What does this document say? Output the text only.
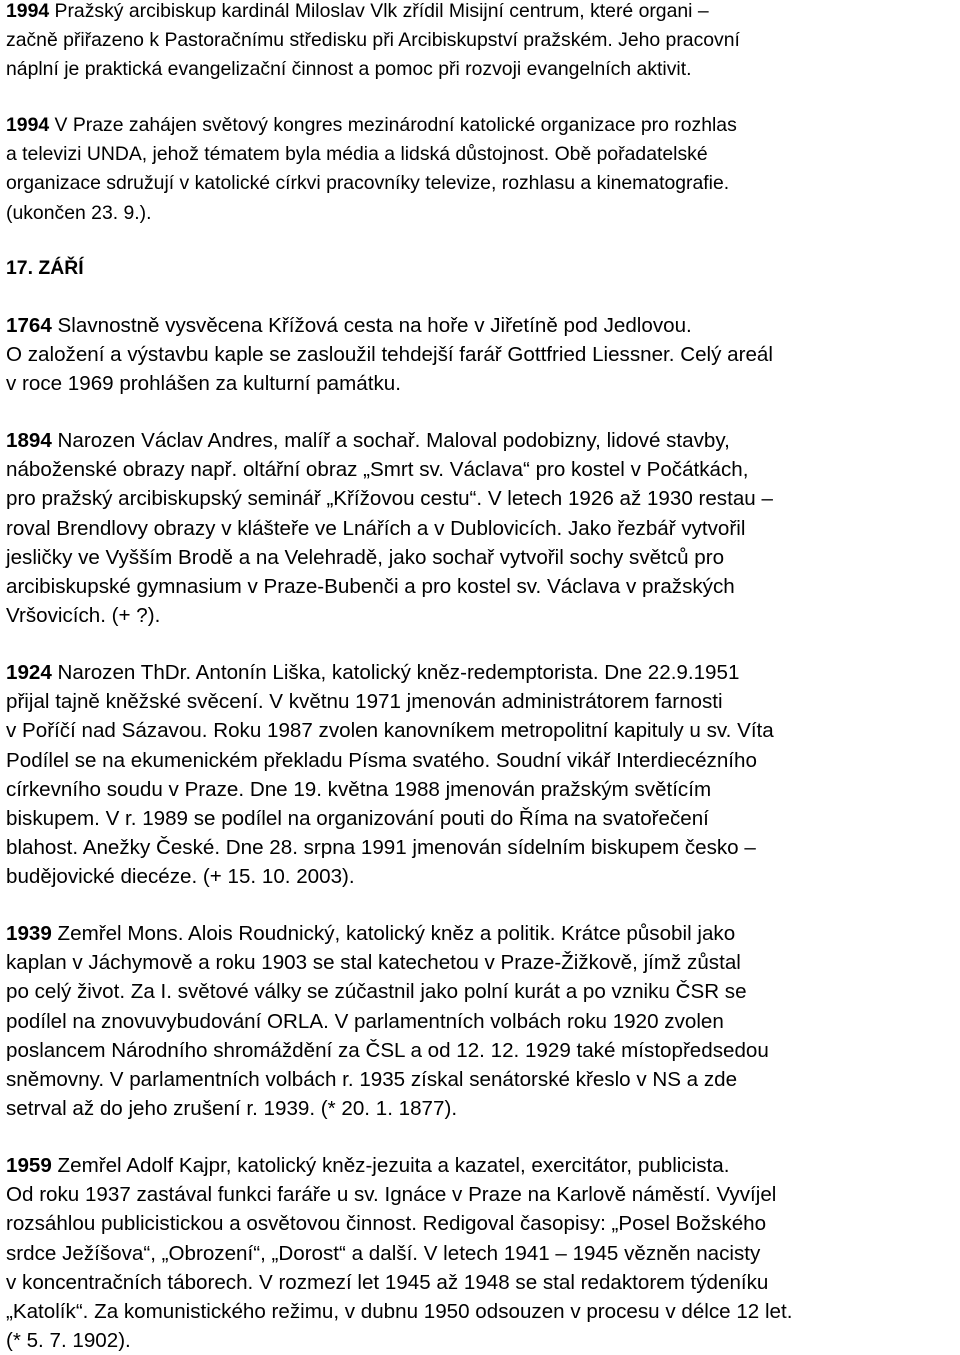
1994 Pražský arcibiskup kardinál Miloslav Vlk zřídil Misijní centrum, které organi –
začně přiřazeno k Pastoračnímu středisku při Arcibiskupství pražském. Jeho pracovní
náplní je praktická evangelizační činnost a pomoc při rozvoji evangelních aktivit.
1994 V Praze zahájen světový kongres mezinárodní katolické organizace pro rozhlas
a televizi UNDA, jehož tématem byla média a lidská důstojnost. Obě pořadatelské
organizace sdružují v katolické církvi pracovníky televize, rozhlasu a kinematografie.
(ukončen 23. 9.).
17. ZÁŘÍ
1764 Slavnostně vysvěcena Křížová cesta na hoře v Jiřetíně pod Jedlovou.
O založení a výstavbu kaple se zasloužil tehdejší farář Gottfried Liessner. Celý areál
v roce 1969 prohlášen za kulturní památku.
1894 Narozen Václav Andres, malíř a sochař. Maloval podobizny, lidové stavby,
náboženské obrazy např. oltářní obraz „Smrt sv. Václava“ pro kostel v Počátkách,
pro pražský arcibiskupský seminář „Křížovou cestu“. V letech 1926 až 1930 restau –
roval Brendlovy obrazy v klášteře ve Lnářích a v Dublovicích. Jako řezbář vytvořil
jesličky ve Vyšším Brodě a na Velehradě, jako sochař vytvořil sochy světců pro
arcibiskupské gymnasium v Praze-Bubenči a pro kostel sv. Václava v pražských
Vršovicích. (+ ?).
1924 Narozen ThDr. Antonín Liška, katolický kněz-redemptorista. Dne 22.9.1951
přijal tajně kněžské svěcení. V květnu 1971 jmenován administrátorem farnosti
v Poříčí nad Sázavou. Roku 1987 zvolen kanovníkem metropolitní kapituly u sv. Víta
Podílel se na ekumenickém překladu Písma svatého. Soudní vikář Interdiecézního
církevního soudu v Praze. Dne 19. května 1988 jmenován pražským světícím
biskupem. V r. 1989 se podílel na organizování pouti do Říma na svatořečení
blahost. Anežky České. Dne 28. srpna 1991 jmenován sídelním biskupem česko –
budějovické diecéze. (+ 15. 10. 2003).
1939 Zemřel Mons. Alois Roudnický, katolický kněz a politik. Krátce působil jako
kaplan v Jáchymově a roku 1903 se stal katechetou v Praze-Žižkově, jímž zůstal
po celý život. Za I. světové války se zúčastnil jako polní kurát a po vzniku ČSR se
podílel na znovuvybudování ORLA. V parlamentních volbách roku 1920 zvolen
poslancem Národního shromáždění za ČSL a od 12. 12. 1929 také místopředsedou
sněmovny. V parlamentních volbách r. 1935 získal senátorské křeslo v NS a zde
setrval až do jeho zrušení r. 1939. (* 20. 1. 1877).
1959 Zemřel Adolf Kajpr, katolický kněz-jezuita a kazatel, exercitátor, publicista.
Od roku 1937 zastával funkci faráře u sv. Ignáce v Praze na Karlově náměstí. Vyvíjel
rozsáhlou publicistickou a osvětovou činnost. Redigoval časopisy: „Posel Božského
srdce Ježíšova“, „Obrození“, „Dorost“ a další. V letech 1941 – 1945 vězněn nacisty
v koncentračních táborech. V rozmezí let 1945 až 1948 se stal redaktorem týdeníku
„Katolík“. Za komunistického režimu, v dubnu 1950 odsouzen v procesu v délce 12 let.
(* 5. 7. 1902).
